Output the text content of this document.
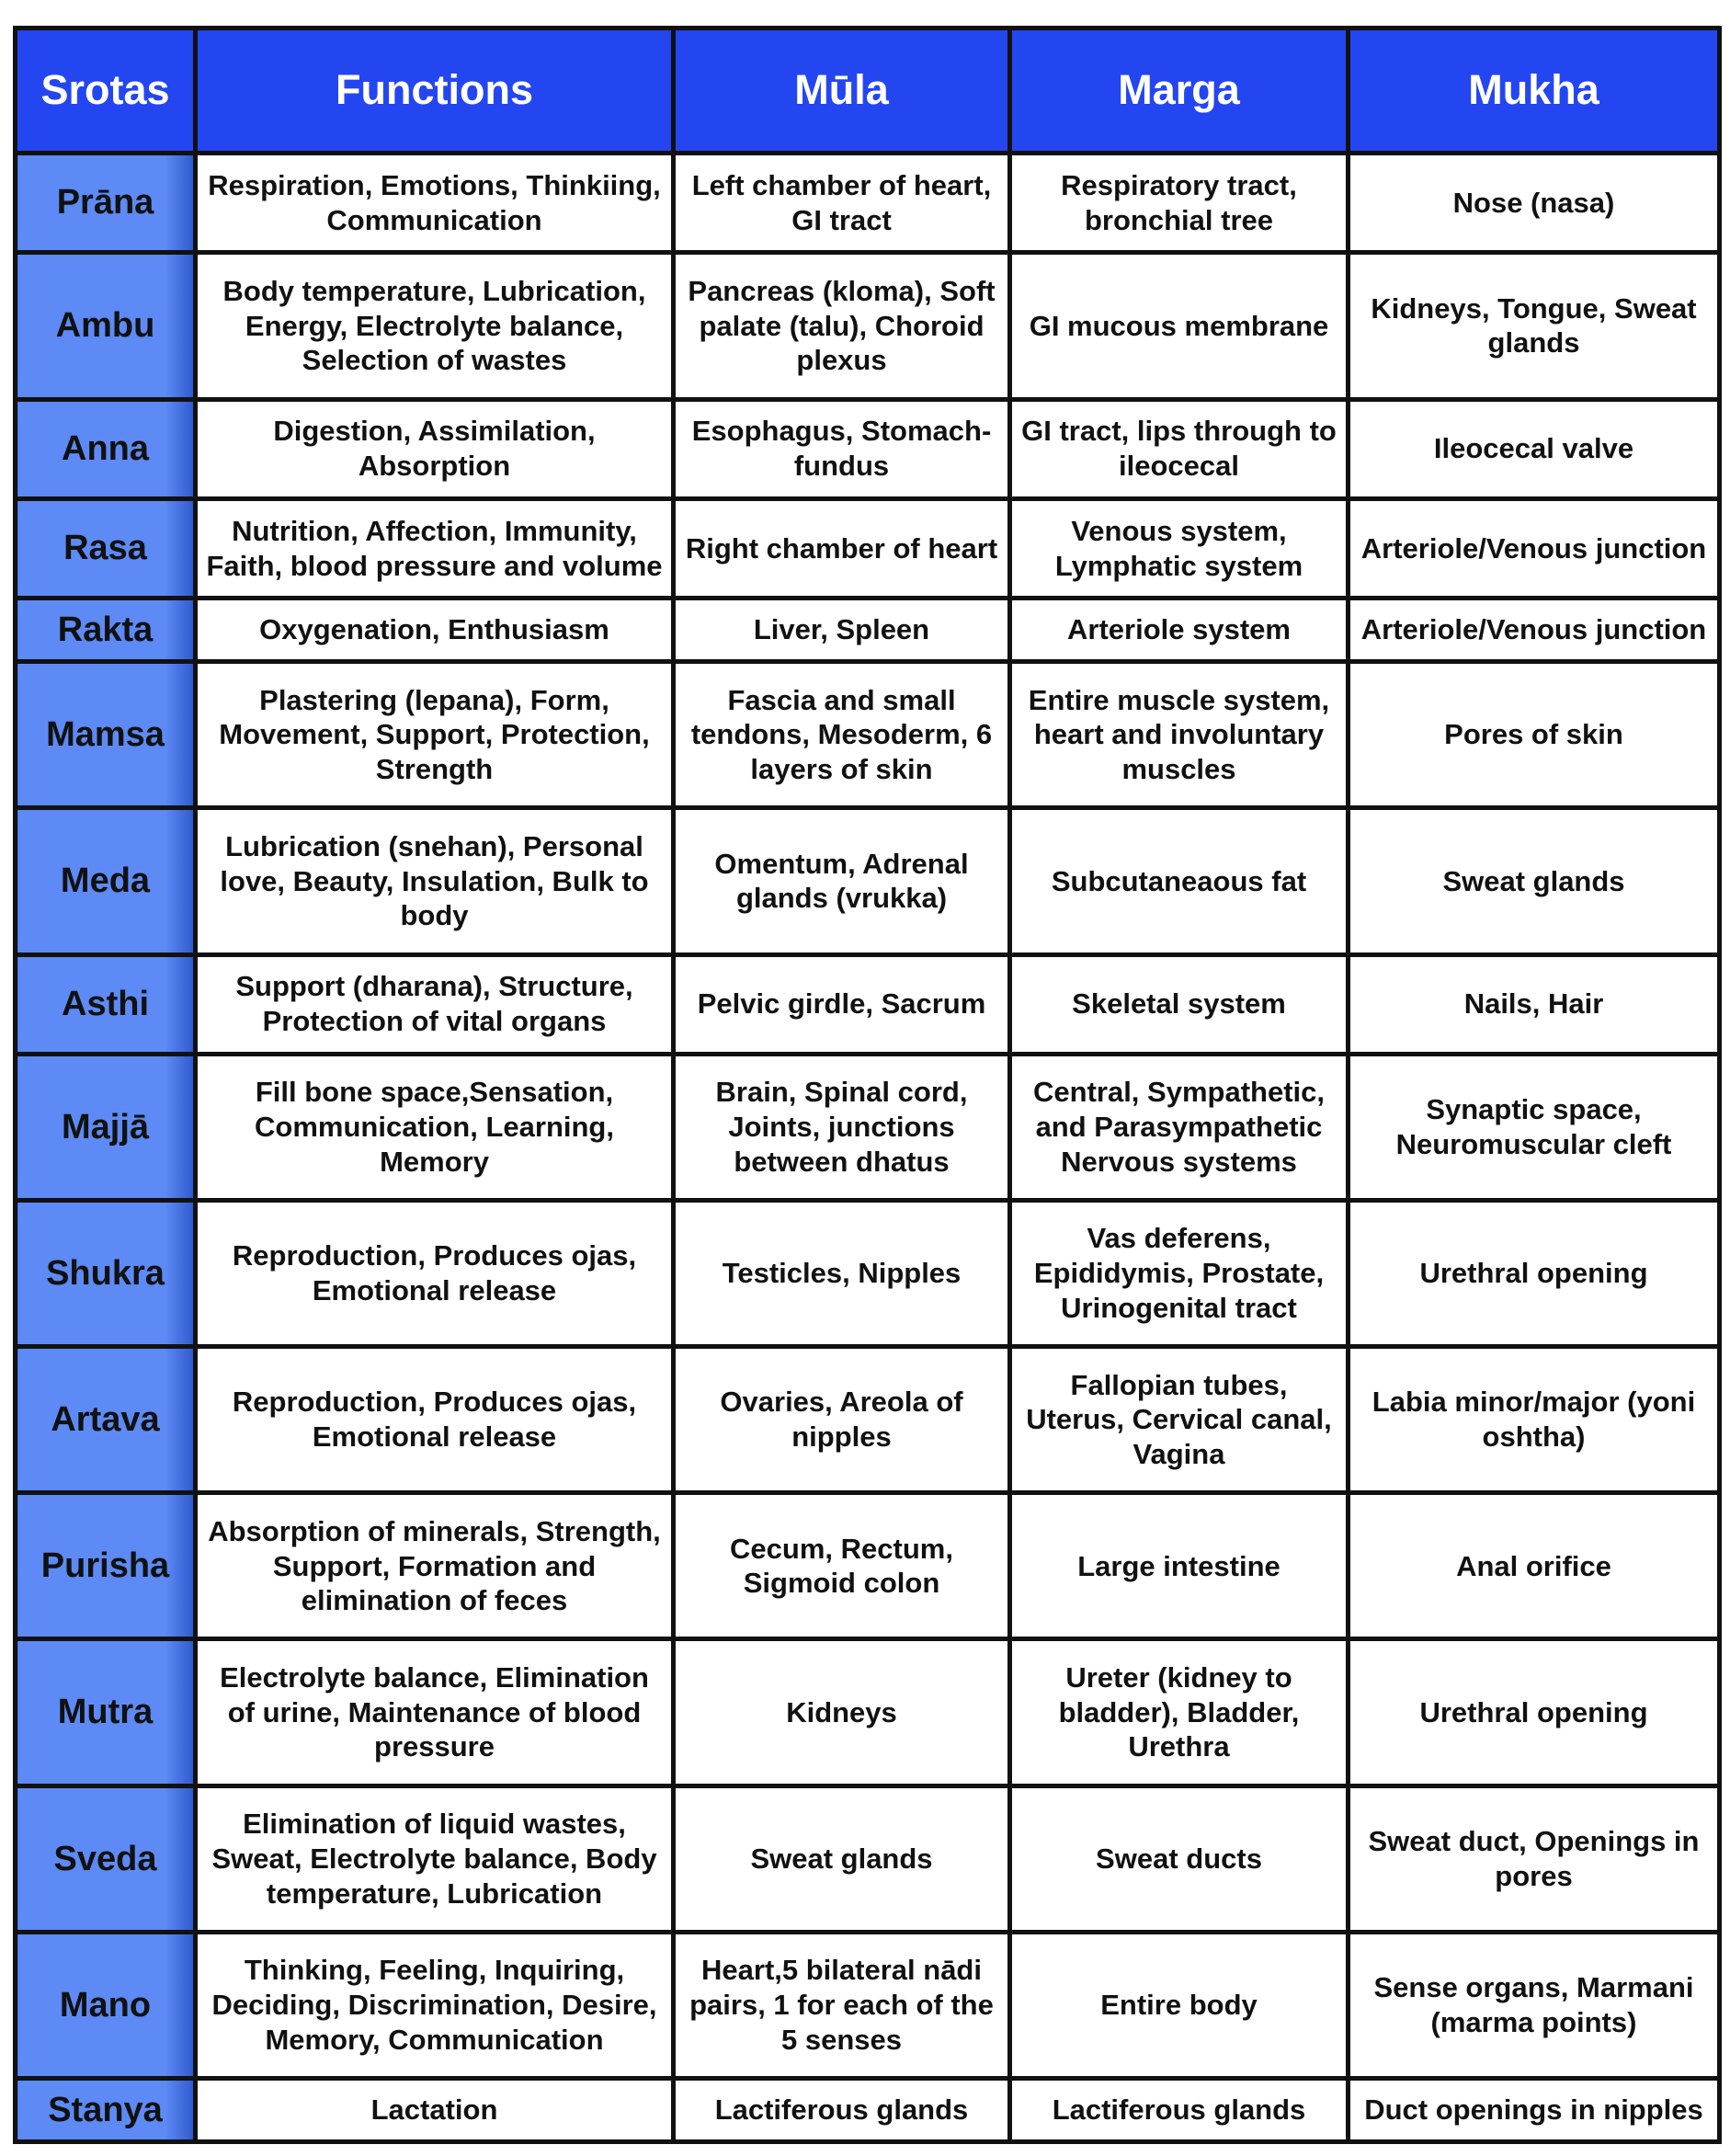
Srotas	Functions	Mūla	Marga	Mukha
Prāna	Respiration, Emotions, Thinkiing, Communication	Left chamber of heart, GI tract	Respiratory tract, bronchial tree	Nose (nasa)
Ambu	Body temperature, Lubrication, Energy, Electrolyte balance, Selection of wastes	Pancreas (kloma), Soft palate (talu), Choroid plexus	GI mucous membrane	Kidneys, Tongue, Sweat glands
Anna	Digestion, Assimilation, Absorption	Esophagus, Stomach-fundus	GI tract, lips through to ileocecal	Ileocecal valve
Rasa	Nutrition, Affection, Immunity, Faith, blood pressure and volume	Right chamber of heart	Venous system, Lymphatic system	Arteriole/Venous junction
Rakta	Oxygenation, Enthusiasm	Liver, Spleen	Arteriole system	Arteriole/Venous junction
Mamsa	Plastering (lepana), Form, Movement, Support, Protection, Strength	Fascia and small tendons, Mesoderm, 6 layers of skin	Entire muscle system, heart and involuntary muscles	Pores of skin
Meda	Lubrication (snehan), Personal love, Beauty, Insulation, Bulk to body	Omentum, Adrenal glands (vrukka)	Subcutaneaous fat	Sweat glands
Asthi	Support (dharana), Structure, Protection of vital organs	Pelvic girdle, Sacrum	Skeletal system	Nails, Hair
Majjā	Fill bone space,Sensation, Communication, Learning, Memory	Brain, Spinal cord, Joints, junctions between dhatus	Central, Sympathetic, and Parasympathetic Nervous systems	Synaptic space, Neuromuscular cleft
Shukra	Reproduction, Produces ojas, Emotional release	Testicles, Nipples	Vas deferens, Epididymis, Prostate, Urinogenital tract	Urethral opening
Artava	Reproduction, Produces ojas, Emotional release	Ovaries, Areola of nipples	Fallopian tubes, Uterus, Cervical canal, Vagina	Labia minor/major (yoni oshtha)
Purisha	Absorption of minerals, Strength, Support, Formation and elimination of feces	Cecum, Rectum, Sigmoid colon	Large intestine	Anal orifice
Mutra	Electrolyte balance, Elimination of urine, Maintenance of blood pressure	Kidneys	Ureter (kidney to bladder), Bladder, Urethra	Urethral opening
Sveda	Elimination of liquid wastes, Sweat, Electrolyte balance, Body temperature, Lubrication	Sweat glands	Sweat ducts	Sweat duct, Openings in pores
Mano	Thinking, Feeling, Inquiring, Deciding, Discrimination, Desire, Memory, Communication	Heart,5 bilateral nādi pairs, 1 for each of the 5 senses	Entire body	Sense organs, Marmani (marma points)
Stanya	Lactation	Lactiferous glands	Lactiferous glands	Duct openings in nipples
